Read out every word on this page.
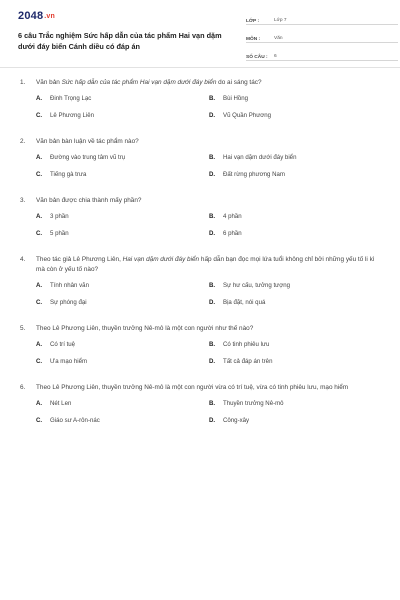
2048.vn
6 câu Trắc nghiệm Sức hấp dẫn của tác phẩm Hai vạn dặm dưới đáy biển Cánh diều có đáp án
LỚP :	Lớp 7
MÔN :	Văn
SỐ CÂU :	6
1.	Văn bản Sức hấp dẫn của tác phẩm Hai vạn dặm dưới đáy biển do ai sáng tác?
A.	Đinh Trọng Lạc	B.	Bùi Hồng
C.	Lê Phương Liên	D.	Vũ Quần Phương
2.	Văn bản bàn luận về tác phẩm nào?
A.	Đường vào trung tâm vũ trụ	B.	Hai vạn dặm dưới đáy biển
C.	Tiếng gà trưa	D.	Đất rừng phương Nam
3.	Văn bản được chia thành mấy phần?
A.	3 phần	B.	4 phần
C.	5 phần	D.	6 phần
4.	Theo tác giả Lê Phương Liên, Hai vạn dặm dưới đáy biển hấp dẫn bạn đọc mọi lứa tuổi không chỉ bởi những yếu tố li kì mà còn ở yếu tố nào?
A.	Tính nhân văn	B.	Sự hư cấu, tưởng tượng
C.	Sự phóng đại	D.	Bịa đặt, nói quá
5.	Theo Lê Phương Liên, thuyền trưởng Nê-mô là một con người như thế nào?
A.	Có trí tuệ	B.	Có tinh phiêu lưu
C.	Ưa mạo hiểm	D.	Tất cả đáp án trên
6.	Theo Lê Phương Liên, thuyền trưởng Nê-mô là một con người vừa có trí tuệ, vừa có tinh phiêu lưu, mạo hiểm
A.	Nét Len	B.	Thuyền trưởng Nê-mô
C.	Giáo sư A-rôn-nác	D.	Công-xây
